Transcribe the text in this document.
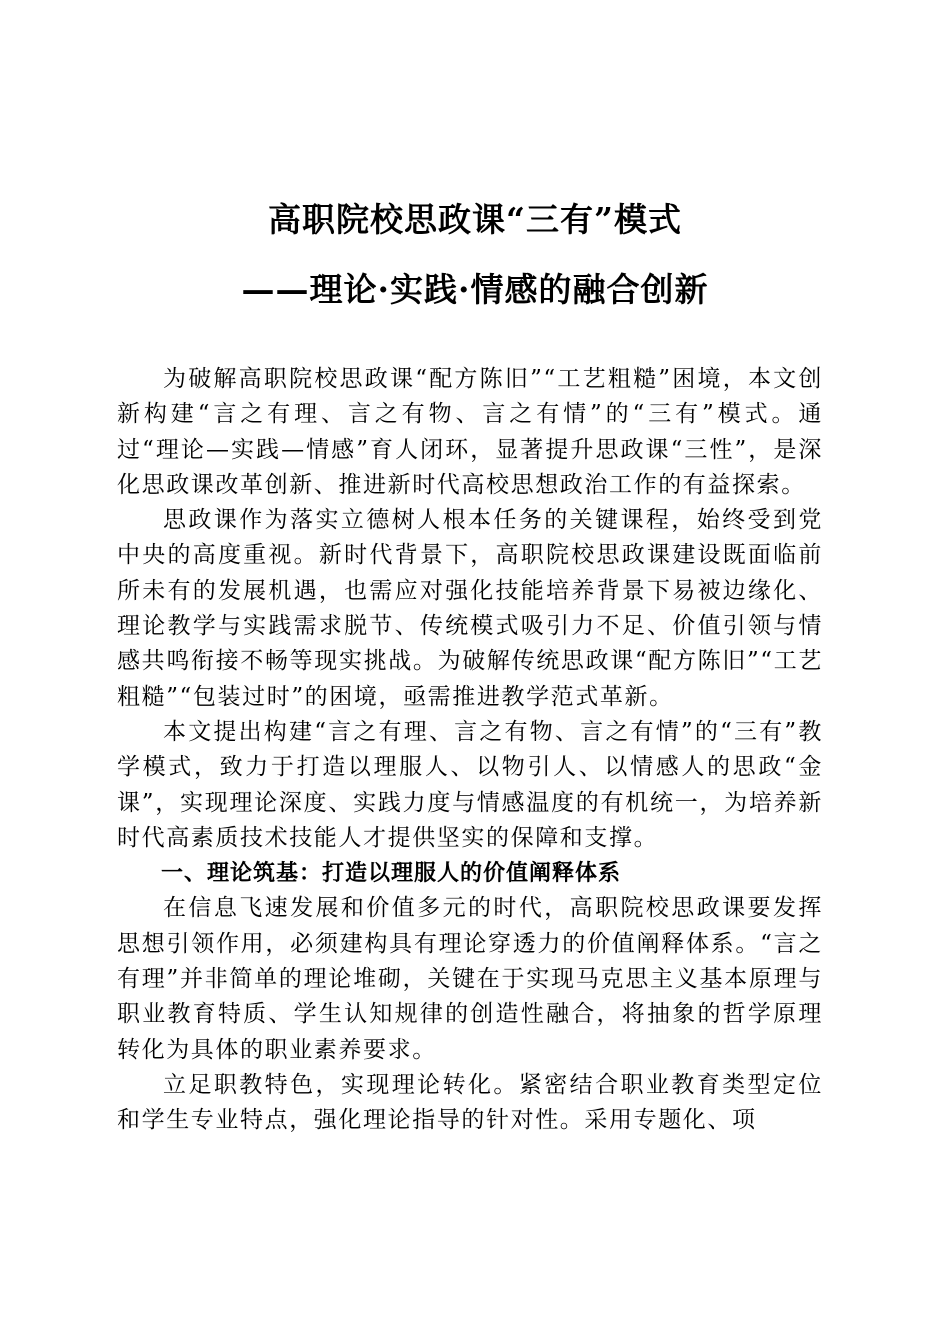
高职院校思政课“三有”模式
——理论·实践·情感的融合创新

为破解高职院校思政课“配方陈旧”“工艺粗糙”困境，本文创新构建“言之有理、言之有物、言之有情”的“三有”模式。通过“理论—实践—情感”育人闭环，显著提升思政课“三性”，是深化思政课改革创新、推进新时代高校思想政治工作的有益探索。

思政课作为落实立德树人根本任务的关键课程，始终受到党中央的高度重视。新时代背景下，高职院校思政课建设既面临前所未有的发展机遇，也需应对强化技能培养背景下易被边缘化、理论教学与实践需求脱节、传统模式吸引力不足、价值引领与情感共鸣衔接不畅等现实挑战。为破解传统思政课“配方陈旧”“工艺粗糙”“包装过时”的困境，亟需推进教学范式革新。

本文提出构建“言之有理、言之有物、言之有情”的“三有”教学模式，致力于打造以理服人、以物引人、以情感人的思政“金课”，实现理论深度、实践力度与情感温度的有机统一，为培养新时代高素质技术技能人才提供坚实的保障和支撑。

一、理论筑基：打造以理服人的价值阐释体系

在信息飞速发展和价值多元的时代，高职院校思政课要发挥思想引领作用，必须建构具有理论穿透力的价值阐释体系。“言之有理”并非简单的理论堆砌，关键在于实现马克思主义基本原理与职业教育特质、学生认知规律的创造性融合，将抽象的哲学原理转化为具体的职业素养要求。

立足职教特色，实现理论转化。紧密结合职业教育类型定位和学生专业特点，强化理论指导的针对性。采用专题化、项
